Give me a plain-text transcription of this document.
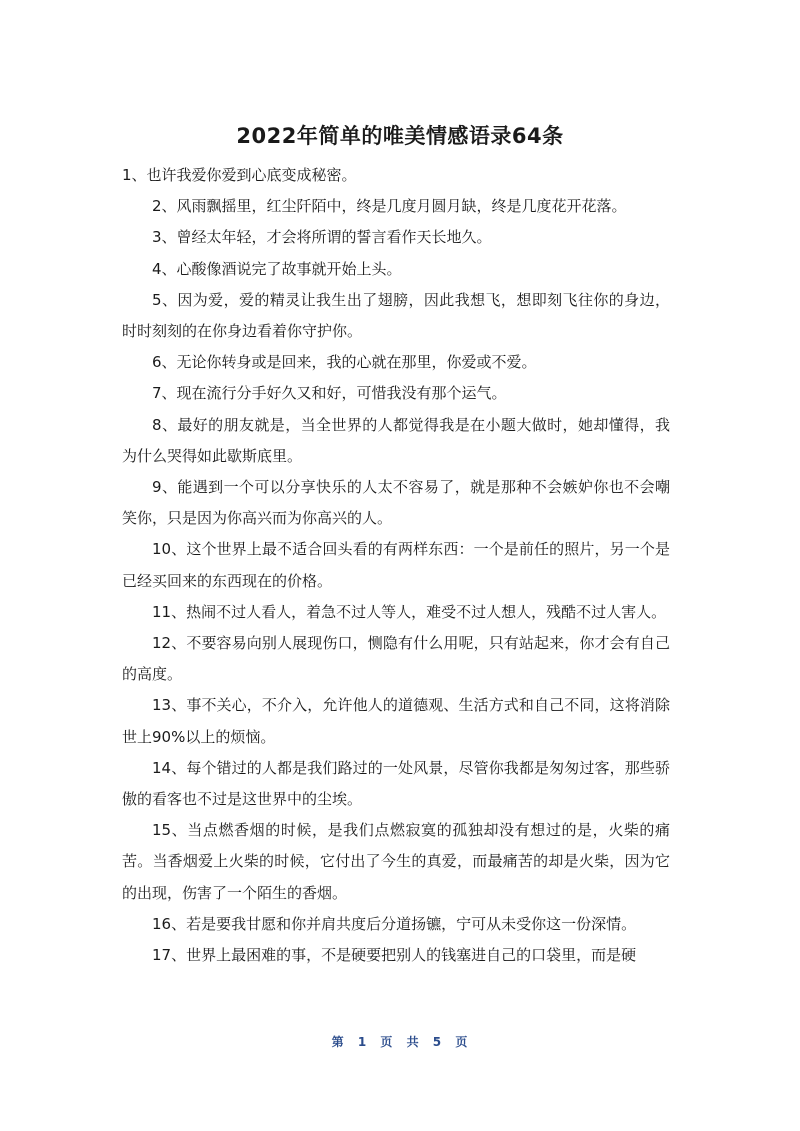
2022年简单的唯美情感语录64条

1、也许我爱你爱到心底变成秘密。

2、风雨飘摇里，红尘阡陌中，终是几度月圆月缺，终是几度花开花落。

3、曾经太年轻，才会将所谓的誓言看作天长地久。

4、心酸像酒说完了故事就开始上头。

5、因为爱，爱的精灵让我生出了翅膀，因此我想飞，想即刻飞往你的身边，时时刻刻的在你身边看着你守护你。

6、无论你转身或是回来，我的心就在那里，你爱或不爱。

7、现在流行分手好久又和好，可惜我没有那个运气。

8、最好的朋友就是，当全世界的人都觉得我是在小题大做时，她却懂得，我为什么哭得如此歇斯底里。

9、能遇到一个可以分享快乐的人太不容易了，就是那种不会嫉妒你也不会嘲笑你，只是因为你高兴而为你高兴的人。

10、这个世界上最不适合回头看的有两样东西：一个是前任的照片，另一个是已经买回来的东西现在的价格。

11、热闹不过人看人，着急不过人等人，难受不过人想人，残酷不过人害人。

12、不要容易向别人展现伤口，恻隐有什么用呢，只有站起来，你才会有自己的高度。

13、事不关心，不介入，允许他人的道德观、生活方式和自己不同，这将消除世上90%以上的烦恼。

14、每个错过的人都是我们路过的一处风景，尽管你我都是匆匆过客，那些骄傲的看客也不过是这世界中的尘埃。

15、当点燃香烟的时候，是我们点燃寂寞的孤独却没有想过的是，火柴的痛苦。当香烟爱上火柴的时候，它付出了今生的真爱，而最痛苦的却是火柴，因为它的出现，伤害了一个陌生的香烟。

16、若是要我甘愿和你并肩共度后分道扬镳，宁可从未受你这一份深情。

17、世界上最困难的事，不是硬要把别人的钱塞进自己的口袋里，而是硬

第 1 页 共 5 页
